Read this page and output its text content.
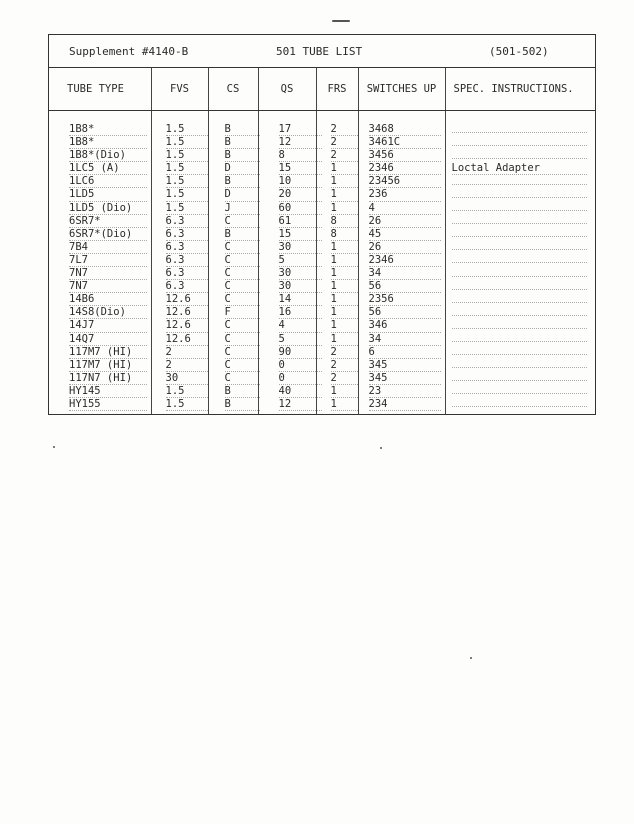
Supplement #4140-B	501 TUBE LIST	(501-502)
TUBE TYPE	FVS	CS	QS	FRS	SWITCHES UP	SPEC. INSTRUCTIONS.
1B8*	1.5	B	17	2	3468	
1B8*	1.5	B	12	2	3461C	
1B8*(Dio)	1.5	B	8	2	3456	
1LC5 (A)	1.5	D	15	1	2346	Loctal Adapter
1LC6	1.5	B	10	1	23456	
1LD5	1.5	D	20	1	236	
1LD5 (Dio)	1.5	J	60	1	4	
6SR7*	6.3	C	61	8	26	
6SR7*(Dio)	6.3	B	15	8	45	
7B4	6.3	C	30	1	26	
7L7	6.3	C	5	1	2346	
7N7	6.3	C	30	1	34	
7N7	6.3	C	30	1	56	
14B6	12.6	C	14	1	2356	
14S8(Dio)	12.6	F	16	1	56	
14J7	12.6	C	4	1	346	
14Q7	12.6	C	5	1	34	
117M7 (HI)	2	C	90	2	6	
117M7 (HI)	2	C	0	2	345	
117N7 (HI)	30	C	0	2	345	
HY145	1.5	B	40	1	23	
HY155	1.5	B	12	1	234	
